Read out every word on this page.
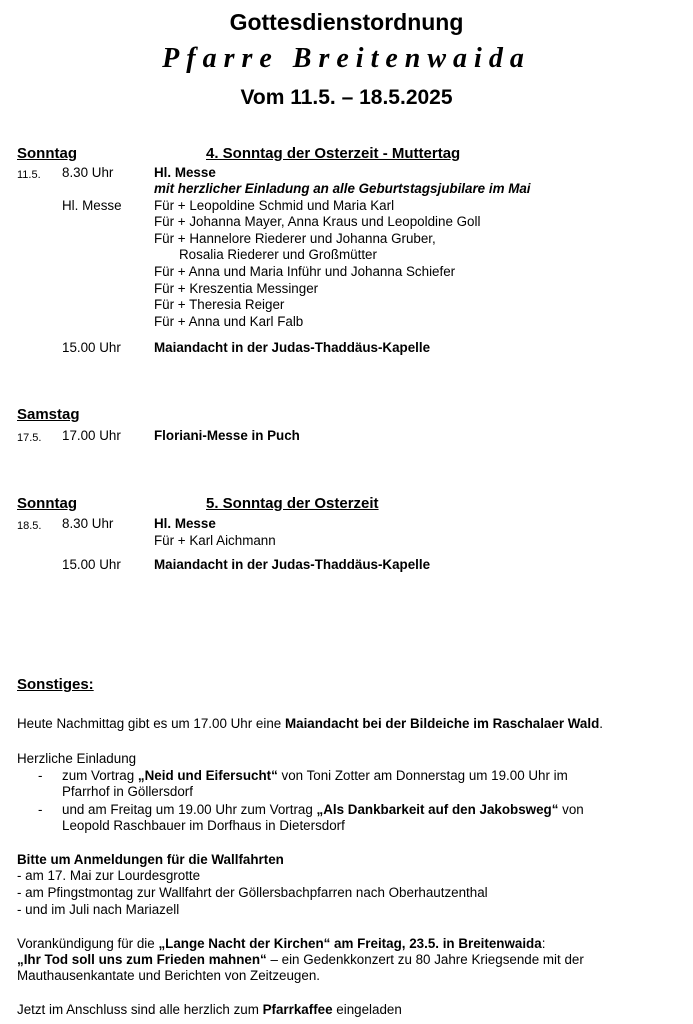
Gottesdienstordnung
Pfarre Breitenwaida
Vom 11.5. – 18.5.2025
Sonntag	4. Sonntag der Osterzeit - Muttertag
11.5. 8.30 Uhr	Hl. Messe
mit herzlicher Einladung an alle Geburtstagsjubilare im Mai
Hl. Messe Für + Leopoldine Schmid und Maria Karl
Für + Johanna Mayer, Anna Kraus und Leopoldine Goll
Für + Hannelore Riederer und Johanna Gruber,
Rosalia Riederer und Großmütter
Für + Anna und Maria Inführ und Johanna Schiefer
Für + Kreszentia Messinger
Für + Theresia Reiger
Für + Anna und Karl Falb
15.00 Uhr Maiandacht in der Judas-Thaddäus-Kapelle
Samstag
17.5. 17.00 Uhr Floriani-Messe in Puch
Sonntag	5. Sonntag der Osterzeit
18.5. 8.30 Uhr	Hl. Messe
Für + Karl Aichmann
15.00 Uhr Maiandacht in der Judas-Thaddäus-Kapelle
Sonstiges:
Heute Nachmittag gibt es um 17.00 Uhr eine Maiandacht bei der Bildeiche im Raschalaer Wald.
Herzliche Einladung
- zum Vortrag „Neid und Eifersucht“ von Toni Zotter am Donnerstag um 19.00 Uhr im
Pfarrhof in Göllersdorf
- und am Freitag um 19.00 Uhr zum Vortrag „Als Dankbarkeit auf den Jakobsweg“ von
Leopold Raschbauer im Dorfhaus in Dietersdorf
Bitte um Anmeldungen für die Wallfahrten
- am 17. Mai zur Lourdesgrotte
- am Pfingstmontag zur Wallfahrt der Göllersbachpfarren nach Oberhautzenthal
- und im Juli nach Mariazell
Vorankündigung für die „Lange Nacht der Kirchen“ am Freitag, 23.5. in Breitenwaida:
„Ihr Tod soll uns zum Frieden mahnen“ – ein Gedenkkonzert zu 80 Jahre Kriegsende mit der
Mauthausenkantate und Berichten von Zeitzeugen.
Jetzt im Anschluss sind alle herzlich zum Pfarrkaffee eingeladen
